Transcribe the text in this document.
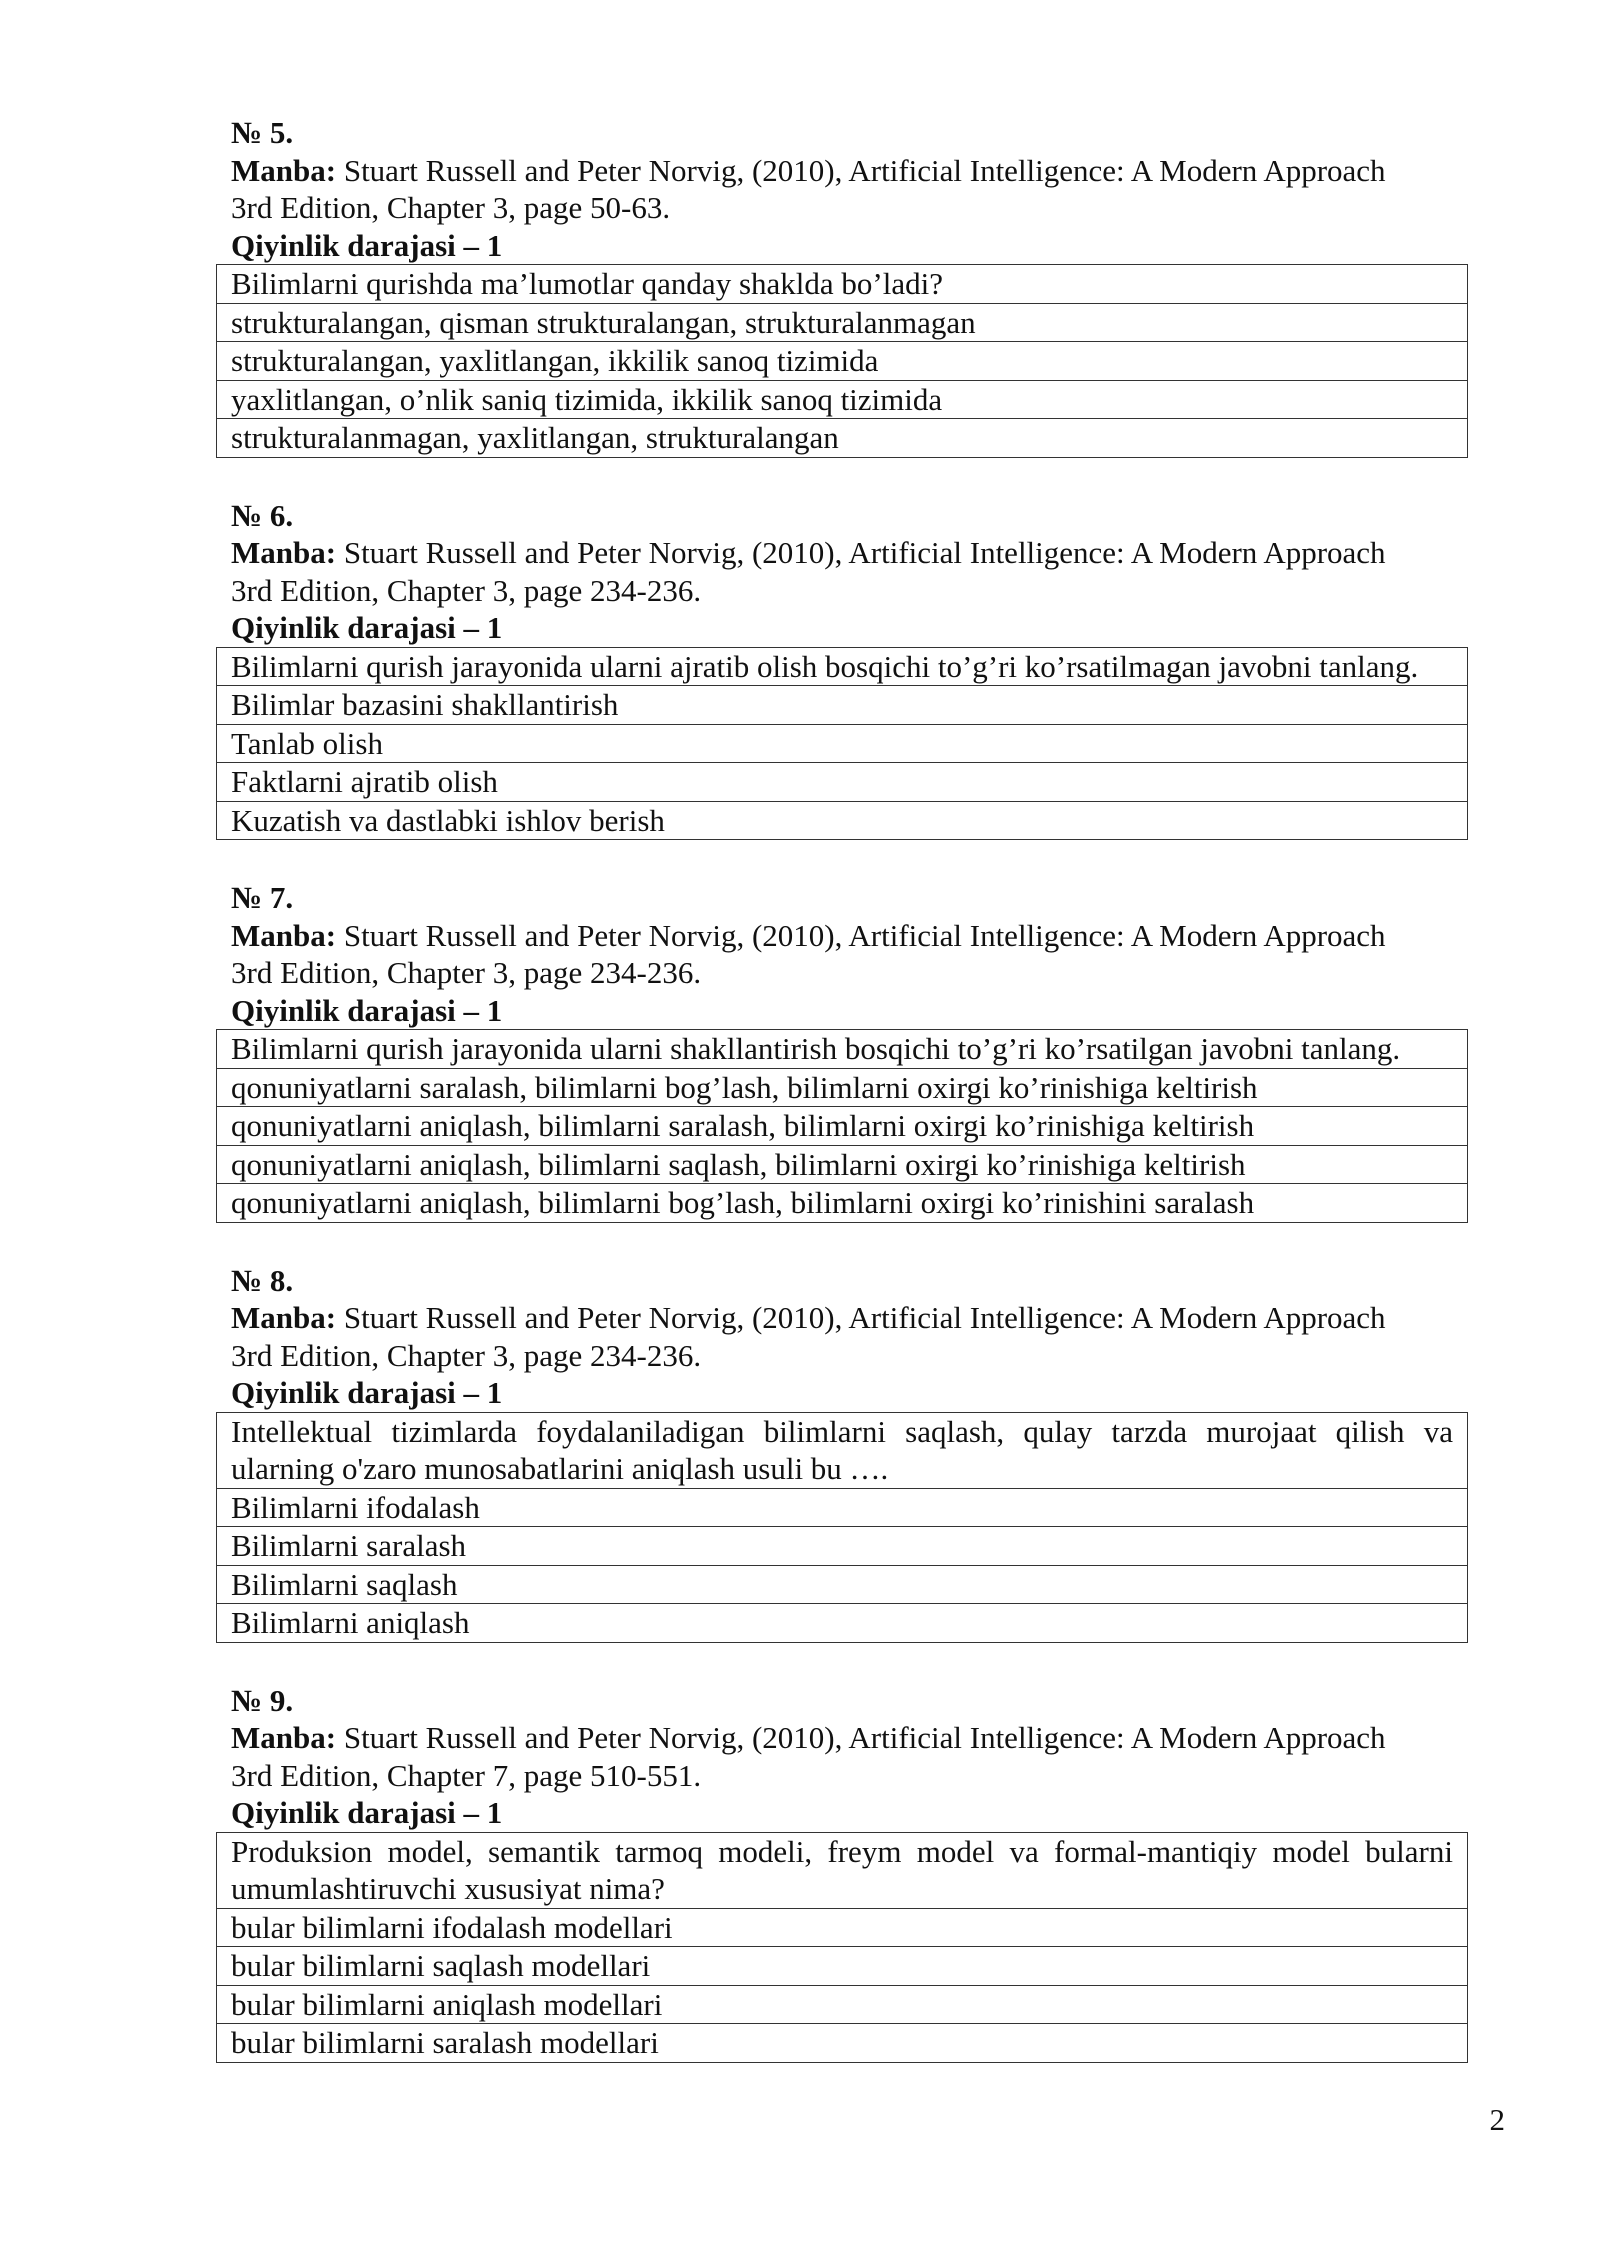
№ 5.

Manba: Stuart Russell and Peter Norvig, (2010), Artificial Intelligence: A Modern Approach

3rd Edition, Chapter 3, page 50-63.

Qiyinlik darajasi – 1

Bilimlarni qurishda ma’lumotlar qanday shaklda bo’ladi?
strukturalangan, qisman strukturalangan, strukturalanmagan
strukturalangan, yaxlitlangan, ikkilik sanoq tizimida
yaxlitlangan, o’nlik saniq tizimida, ikkilik sanoq tizimida
strukturalanmagan, yaxlitlangan, strukturalangan

№ 6.

Manba: Stuart Russell and Peter Norvig, (2010), Artificial Intelligence: A Modern Approach

3rd Edition, Chapter 3, page 234-236.

Qiyinlik darajasi – 1

Bilimlarni qurish jarayonida ularni ajratib olish bosqichi to’g’ri ko’rsatilmagan javobni tanlang.
Bilimlar bazasini shakllantirish
Tanlab olish
Faktlarni ajratib olish
Kuzatish va dastlabki ishlov berish

№ 7.

Manba: Stuart Russell and Peter Norvig, (2010), Artificial Intelligence: A Modern Approach

3rd Edition, Chapter 3, page 234-236.

Qiyinlik darajasi – 1

Bilimlarni qurish jarayonida ularni shakllantirish bosqichi to’g’ri ko’rsatilgan javobni tanlang.
qonuniyatlarni saralash, bilimlarni bog’lash, bilimlarni oxirgi ko’rinishiga keltirish
qonuniyatlarni aniqlash, bilimlarni saralash, bilimlarni oxirgi ko’rinishiga keltirish
qonuniyatlarni aniqlash, bilimlarni saqlash, bilimlarni oxirgi ko’rinishiga keltirish
qonuniyatlarni aniqlash, bilimlarni bog’lash, bilimlarni oxirgi ko’rinishini saralash

№ 8.

Manba: Stuart Russell and Peter Norvig, (2010), Artificial Intelligence: A Modern Approach

3rd Edition, Chapter 3, page 234-236.

Qiyinlik darajasi – 1

Intellektual tizimlarda foydalaniladigan bilimlarni saqlash, qulay tarzda murojaat qilish va ularning o'zaro munosabatlarini aniqlash usuli bu ….
Bilimlarni ifodalash
Bilimlarni saralash
Bilimlarni saqlash
Bilimlarni aniqlash

№ 9.

Manba: Stuart Russell and Peter Norvig, (2010), Artificial Intelligence: A Modern Approach

3rd Edition, Chapter 7, page 510-551.

Qiyinlik darajasi – 1

Produksion model, semantik tarmoq modeli, freym model va formal-mantiqiy model bularni umumlashtiruvchi xususiyat nima?
bular bilimlarni ifodalash modellari
bular bilimlarni saqlash modellari
bular bilimlarni aniqlash modellari
bular bilimlarni saralash modellari
2
